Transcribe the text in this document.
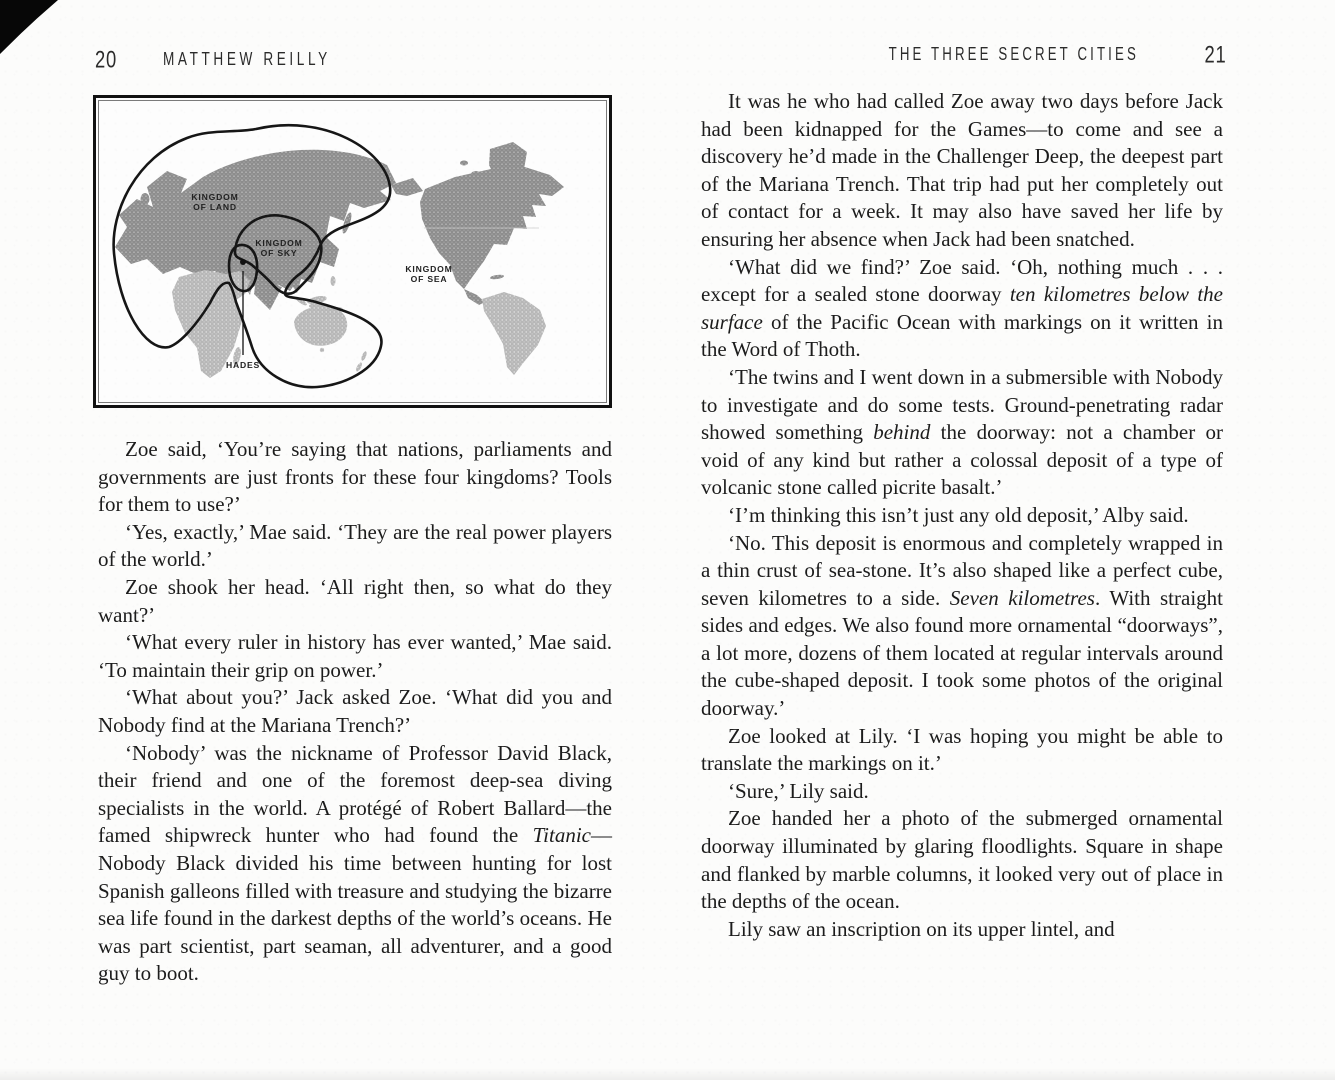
20	MATTHEW REILLY
KINGDOM
OF LAND
KINGDOM
OF SKY
KINGDOM
OF SEA
HADES

Zoe said, ‘You’re saying that nations, parliaments and governments are just fronts for these four kingdoms? Tools for them to use?’

‘Yes, exactly,’ Mae said. ‘They are the real power players of the world.’

Zoe shook her head. ‘All right then, so what do they want?’

‘What every ruler in history has ever wanted,’ Mae said. ‘To maintain their grip on power.’

‘What about you?’ Jack asked Zoe. ‘What did you and Nobody find at the Mariana Trench?’

‘Nobody’ was the nickname of Professor David Black, their friend and one of the foremost deep-sea diving specialists in the world. A protégé of Robert Ballard—the famed shipwreck hunter who had found the Titanic—Nobody Black divided his time between hunting for lost Spanish galleons filled with treasure and studying the bizarre sea life found in the darkest depths of the world’s oceans. He was part scientist, part seaman, all adventurer, and a good guy to boot.

THE THREE SECRET CITIES	21

It was he who had called Zoe away two days before Jack had been kidnapped for the Games—to come and see a discovery he’d made in the Challenger Deep, the deepest part of the Mariana Trench. That trip had put her completely out of contact for a week. It may also have saved her life by ensuring her absence when Jack had been snatched.

‘What did we find?’ Zoe said. ‘Oh, nothing much . . . except for a sealed stone doorway ten kilometres below the surface of the Pacific Ocean with markings on it written in the Word of Thoth.

‘The twins and I went down in a submersible with Nobody to investigate and do some tests. Ground-penetrating radar showed something behind the doorway: not a chamber or void of any kind but rather a colossal deposit of a type of volcanic stone called picrite basalt.’

‘I’m thinking this isn’t just any old deposit,’ Alby said.

‘No. This deposit is enormous and completely wrapped in a thin crust of sea-stone. It’s also shaped like a perfect cube, seven kilometres to a side. Seven kilometres. With straight sides and edges. We also found more ornamental “doorways”, a lot more, dozens of them located at regular intervals around the cube-shaped deposit. I took some photos of the original doorway.’

Zoe looked at Lily. ‘I was hoping you might be able to translate the markings on it.’

‘Sure,’ Lily said.

Zoe handed her a photo of the submerged ornamental doorway illuminated by glaring floodlights. Square in shape and flanked by marble columns, it looked very out of place in the depths of the ocean.

Lily saw an inscription on its upper lintel, and
